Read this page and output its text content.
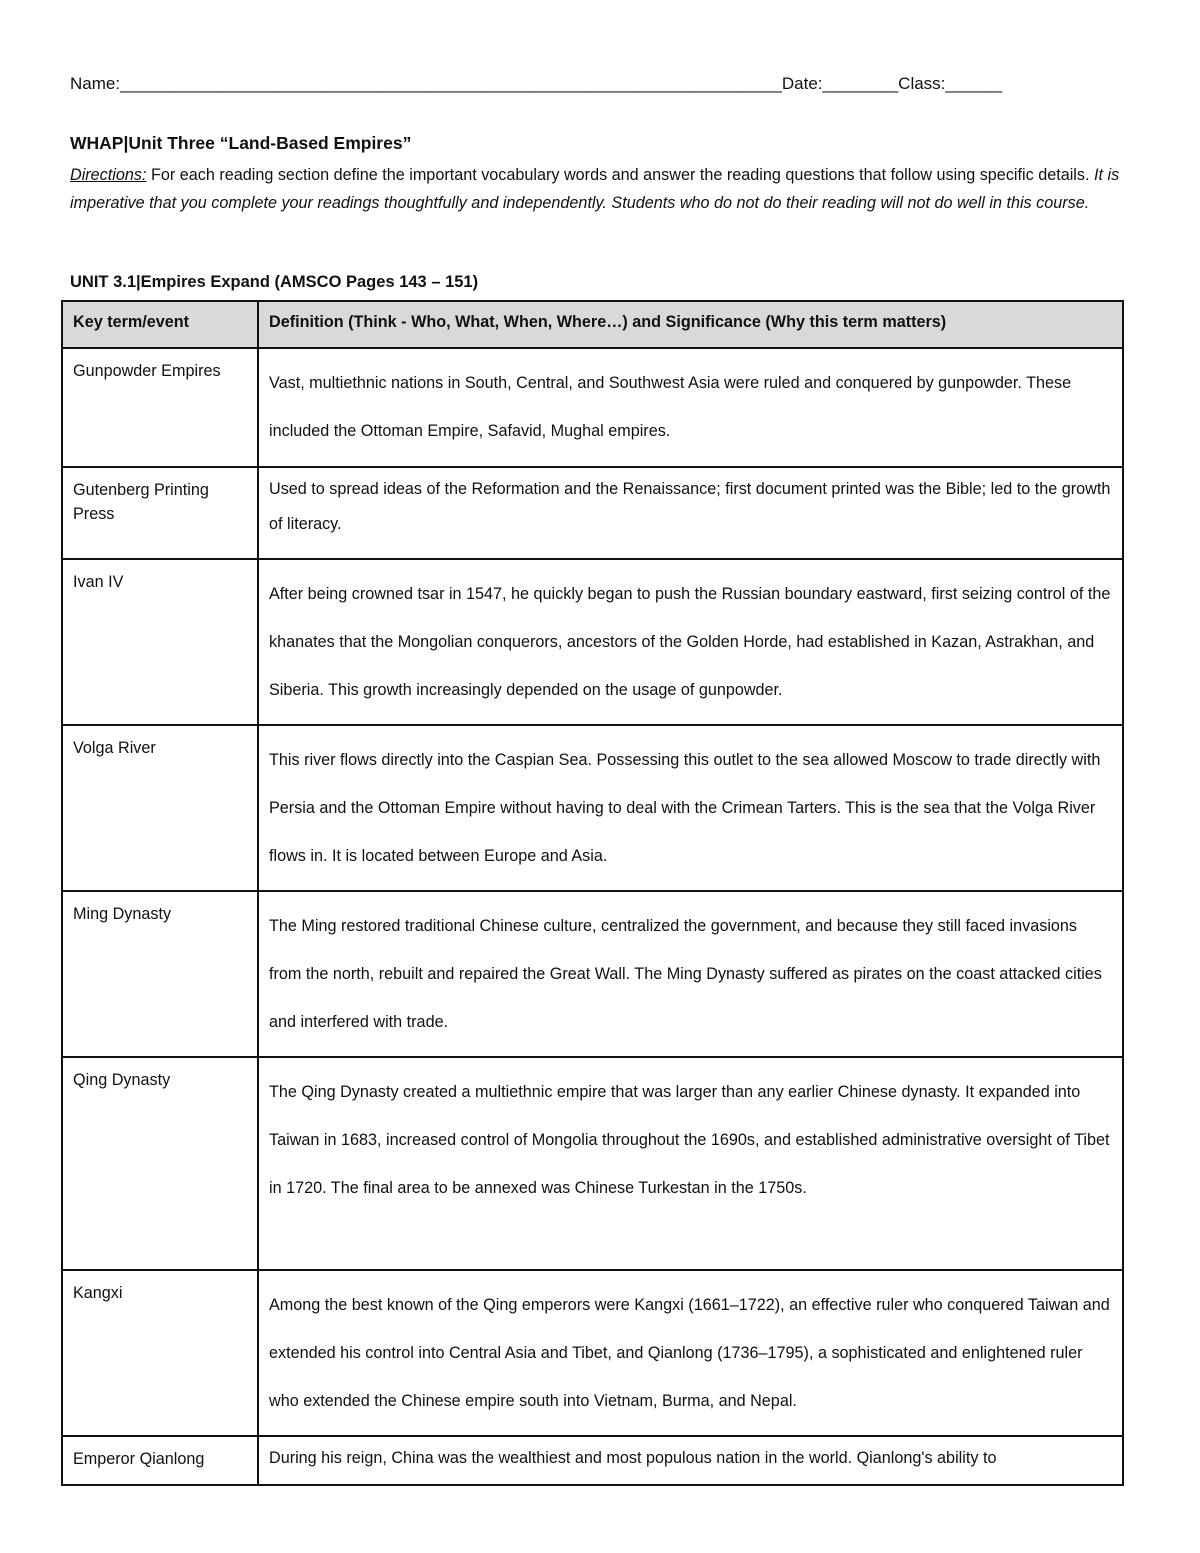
Name:______________________________________________________________________Date:________Class:______
WHAP|Unit Three “Land-Based Empires”
Directions: For each reading section define the important vocabulary words and answer the reading questions that follow using specific details. It is imperative that you complete your readings thoughtfully and independently. Students who do not do their reading will not do well in this course.
UNIT 3.1|Empires Expand (AMSCO Pages 143 – 151)
Key term/event	Definition (Think - Who, What, When, Where…) and Significance (Why this term matters)
Gunpowder Empires	Vast, multiethnic nations in South, Central, and Southwest Asia were ruled and conquered by gunpowder. These included the Ottoman Empire, Safavid, Mughal empires.
Gutenberg Printing Press	Used to spread ideas of the Reformation and the Renaissance; first document printed was the Bible; led to the growth of literacy.
Ivan IV	After being crowned tsar in 1547, he quickly began to push the Russian boundary eastward, first seizing control of the khanates that the Mongolian conquerors, ancestors of the Golden Horde, had established in Kazan, Astrakhan, and Siberia. This growth increasingly depended on the usage of gunpowder.
Volga River	This river flows directly into the Caspian Sea. Possessing this outlet to the sea allowed Moscow to trade directly with Persia and the Ottoman Empire without having to deal with the Crimean Tarters. This is the sea that the Volga River flows in. It is located between Europe and Asia.
Ming Dynasty	The Ming restored traditional Chinese culture, centralized the government, and because they still faced invasions from the north, rebuilt and repaired the Great Wall. The Ming Dynasty suffered as pirates on the coast attacked cities and interfered with trade.
Qing Dynasty	The Qing Dynasty created a multiethnic empire that was larger than any earlier Chinese dynasty. It expanded into Taiwan in 1683, increased control of Mongolia throughout the 1690s, and established administrative oversight of Tibet in 1720. The final area to be annexed was Chinese Turkestan in the 1750s.
Kangxi	Among the best known of the Qing emperors were Kangxi (1661–1722), an effective ruler who conquered Taiwan and extended his control into Central Asia and Tibet, and Qianlong (1736–1795), a sophisticated and enlightened ruler who extended the Chinese empire south into Vietnam, Burma, and Nepal.
Emperor Qianlong	During his reign, China was the wealthiest and most populous nation in the world. Qianlong's ability to
